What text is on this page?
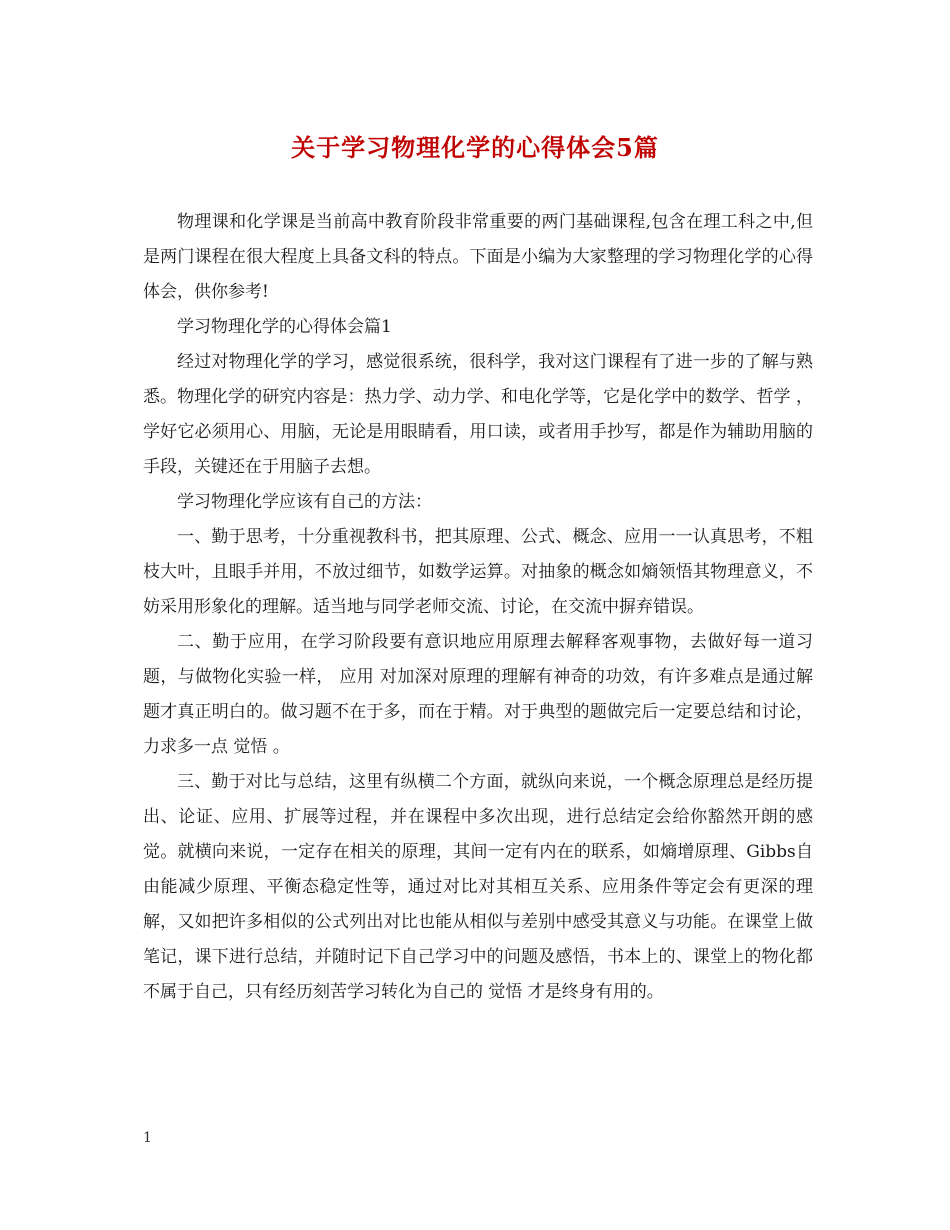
关于学习物理化学的心得体会5篇

物理课和化学课是当前高中教育阶段非常重要的两门基础课程,包含在理工科之中,但是两门课程在很大程度上具备文科的特点。下面是小编为大家整理的学习物理化学的心得体会，供你参考!

学习物理化学的心得体会篇1

经过对物理化学的学习，感觉很系统，很科学，我对这门课程有了进一步的了解与熟悉。物理化学的研究内容是：热力学、动力学、和电化学等，它是化学中的数学、哲学 ，学好它必须用心、用脑，无论是用眼睛看，用口读，或者用手抄写，都是作为辅助用脑的手段，关键还在于用脑子去想。

学习物理化学应该有自己的方法：

一、勤于思考，十分重视教科书，把其原理、公式、概念、应用一一认真思考，不粗枝大叶，且眼手并用，不放过细节，如数学运算。对抽象的概念如熵领悟其物理意义，不妨采用形象化的理解。适当地与同学老师交流、讨论，在交流中摒弃错误。

二、勤于应用，在学习阶段要有意识地应用原理去解释客观事物，去做好每一道习题，与做物化实验一样， 应用 对加深对原理的理解有神奇的功效，有许多难点是通过解题才真正明白的。做习题不在于多，而在于精。对于典型的题做完后一定要总结和讨论，力求多一点 觉悟 。

三、勤于对比与总结，这里有纵横二个方面，就纵向来说，一个概念原理总是经历提出、论证、应用、扩展等过程，并在课程中多次出现，进行总结定会给你豁然开朗的感觉。就横向来说，一定存在相关的原理，其间一定有内在的联系，如熵增原理、Gibbs自由能减少原理、平衡态稳定性等，通过对比对其相互关系、应用条件等定会有更深的理解，又如把许多相似的公式列出对比也能从相似与差别中感受其意义与功能。在课堂上做笔记，课下进行总结，并随时记下自己学习中的问题及感悟，书本上的、课堂上的物化都不属于自己，只有经历刻苦学习转化为自己的 觉悟 才是终身有用的。

1
